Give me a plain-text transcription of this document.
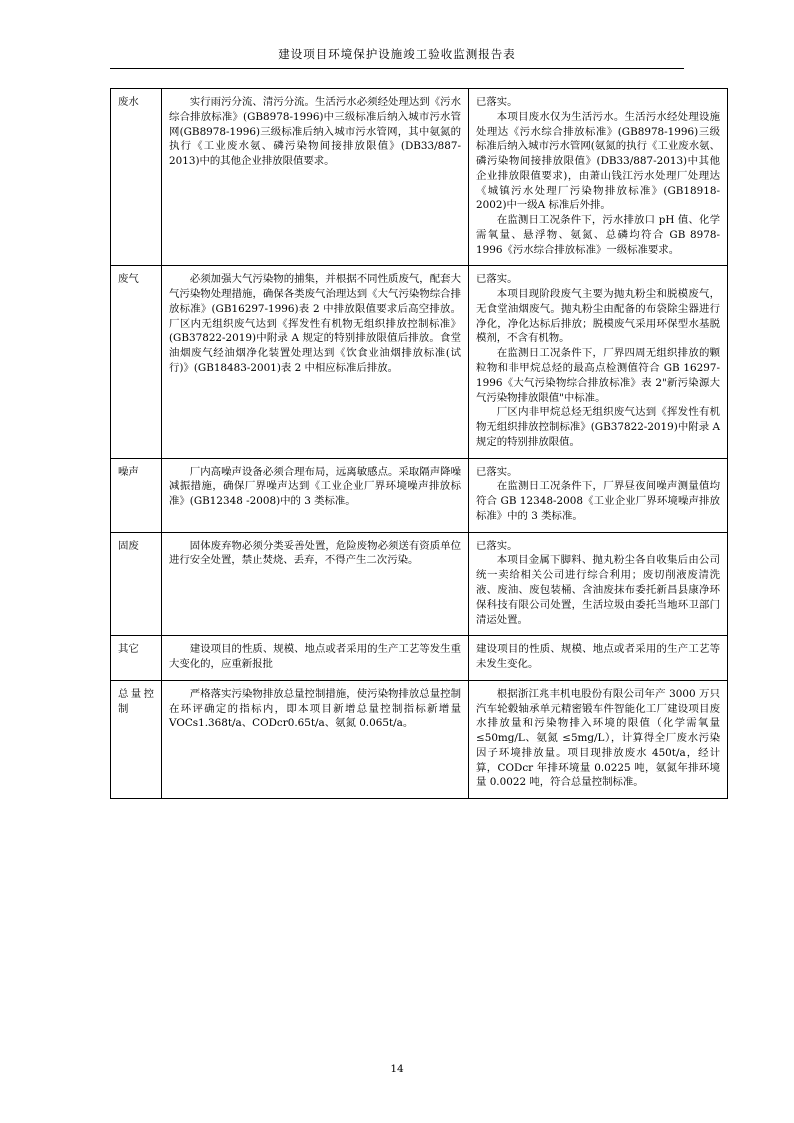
建设项目环境保护设施竣工验收监测报告表
废水	实行雨污分流、清污分流。生活污水必须经处理达到《污水综合排放标准》(GB8978-1996)中三级标准后纳入城市污水管网(GB8978-1996)三级标准后纳入城市污水管网，其中氨氮的执行《工业废水氨、磷污染物间接排放限值》(DB33/887-2013)中的其他企业排放限值要求。	已落实。

本项目废水仅为生活污水。生活污水经处理设施处理达《污水综合排放标准》(GB8978-1996)三级标准后纳入城市污水管网(氨氮的执行《工业废水氨、磷污染物间接排放限值》(DB33/887-2013)中其他企业排放限值要求)，由萧山钱江污水处理厂处理达《城镇污水处理厂污染物排放标准》(GB18918-2002)中一级A 标准后外排。

在监测日工况条件下，污水排放口 pH 值、化学需氧量、悬浮物、氨氮、总磷均符合 GB 8978-1996《污水综合排放标准》一级标准要求。

废气	必须加强大气污染物的捕集，并根据不同性质废气，配套大气污染物处理措施，确保各类废气治理达到《大气污染物综合排放标准》(GB16297-1996)表 2 中排放限值要求后高空排放。厂区内无组织废气达到《挥发性有机物无组织排放控制标准》(GB37822-2019)中附录 A 规定的特别排放限值后排放。食堂油烟废气经油烟净化装置处理达到《饮食业油烟排放标准(试行)》(GB18483-2001)表 2 中相应标准后排放。

已落实。

本项目现阶段废气主要为抛丸粉尘和脱模废气，无食堂油烟废气。抛丸粉尘由配备的布袋除尘器进行净化，净化达标后排放；脱模废气采用环保型水基脱模剂，不含有机物。

在监测日工况条件下，厂界四周无组织排放的颗粒物和非甲烷总烃的最高点检测值符合 GB 16297-1996《大气污染物综合排放标准》表 2"新污染源大气污染物排放限值"中标准。

厂区内非甲烷总烃无组织废气达到《挥发性有机物无组织排放控制标准》(GB37822-2019)中附录 A 规定的特别排放限值。

噪声	厂内高噪声设备必须合理布局，远离敏感点。采取隔声降噪减振措施，确保厂界噪声达到《工业企业厂界环境噪声排放标准》(GB12348 -2008)中的 3 类标准。	已落实。

在监测日工况条件下，厂界昼夜间噪声测量值均符合 GB 12348-2008《工业企业厂界环境噪声排放标准》中的 3 类标准。

固废	固体废弃物必须分类妥善处置，危险废物必须送有资质单位进行安全处置，禁止焚烧、丢弃，不得产生二次污染。	已落实。

本项目金属下脚料、抛丸粉尘各自收集后由公司统一卖给相关公司进行综合利用；废切削液废清洗液、废油、废包装桶、含油废抹布委托新昌县康净环保科技有限公司处置，生活垃圾由委托当地环卫部门清运处置。

其它	建设项目的性质、规模、地点或者采用的生产工艺等发生重大变化的，应重新报批	建设项目的性质、规模、地点或者采用的生产工艺等未发生变化。

总量控制	严格落实污染物排放总量控制措施，使污染物排放总量控制在环评确定的指标内，即本项目新增总量控制指标新增量 VOCs1.368t/a、CODcr0.65t/a、氨氮 0.065t/a。	根据浙江兆丰机电股份有限公司年产 3000 万只汽车轮毂轴承单元精密锻车件智能化工厂建设项目废水排放量和污染物排入环境的限值（化学需氧量 ≤50mg/L、氨氮 ≤5mg/L），计算得全厂废水污染因子环境排放量。项目现排放废水 450t/a，经计算，CODcr 年排环境量 0.0225 吨，氨氮年排环境量 0.0022 吨，符合总量控制标准。

14
